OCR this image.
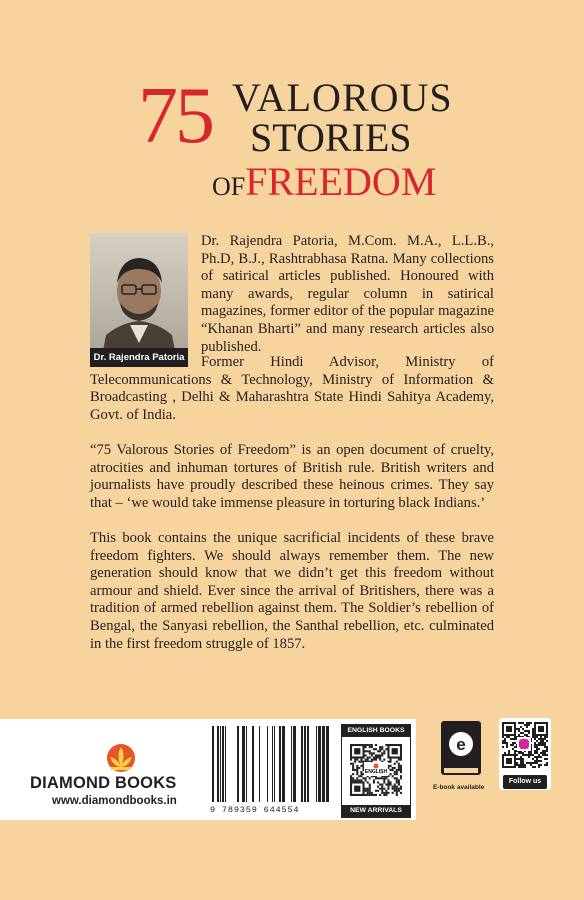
75 VALOROUS
STORIES
OFFREEDOM
Dr. Rajendra Patoria

Dr. Rajendra Patoria, M.Com. M.A., L.L.B., Ph.D, B.J., Rashtrabhasa Ratna. Many collections of satirical articles published. Honoured with many awards, regular column in satirical magazines, former editor of the popular magazine “Khanan Bharti” and many research articles also published.

Former Hindi Advisor, Ministry of Telecommunications & Technology, Ministry of Information & Broadcasting , Delhi & Maharashtra State Hindi Sahitya Academy, Govt. of India.

“75 Valorous Stories of Freedom” is an open document of cruelty, atrocities and inhuman tortures of British rule. British writers and journalists have proudly described these heinous crimes. They say that – ‘we would take immense pleasure in torturing black Indians.’

This book contains the unique sacrificial incidents of these brave freedom fighters. We should always remember them. The new generation should know that we didn’t get this freedom without armour and shield. Ever since the arrival of Britishers, there was a tradition of armed rebellion against them. The Soldier’s rebellion of Bengal, the Sanyasi rebellion, the Santhal rebellion, etc. culminated in the first freedom struggle of 1857.

DIAMOND BOOKS
www.diamondbooks.in
9 789359 644554
ENGLISH BOOKS
ENGLISH
NEW ARRIVALS
e
E-book available
Follow us
